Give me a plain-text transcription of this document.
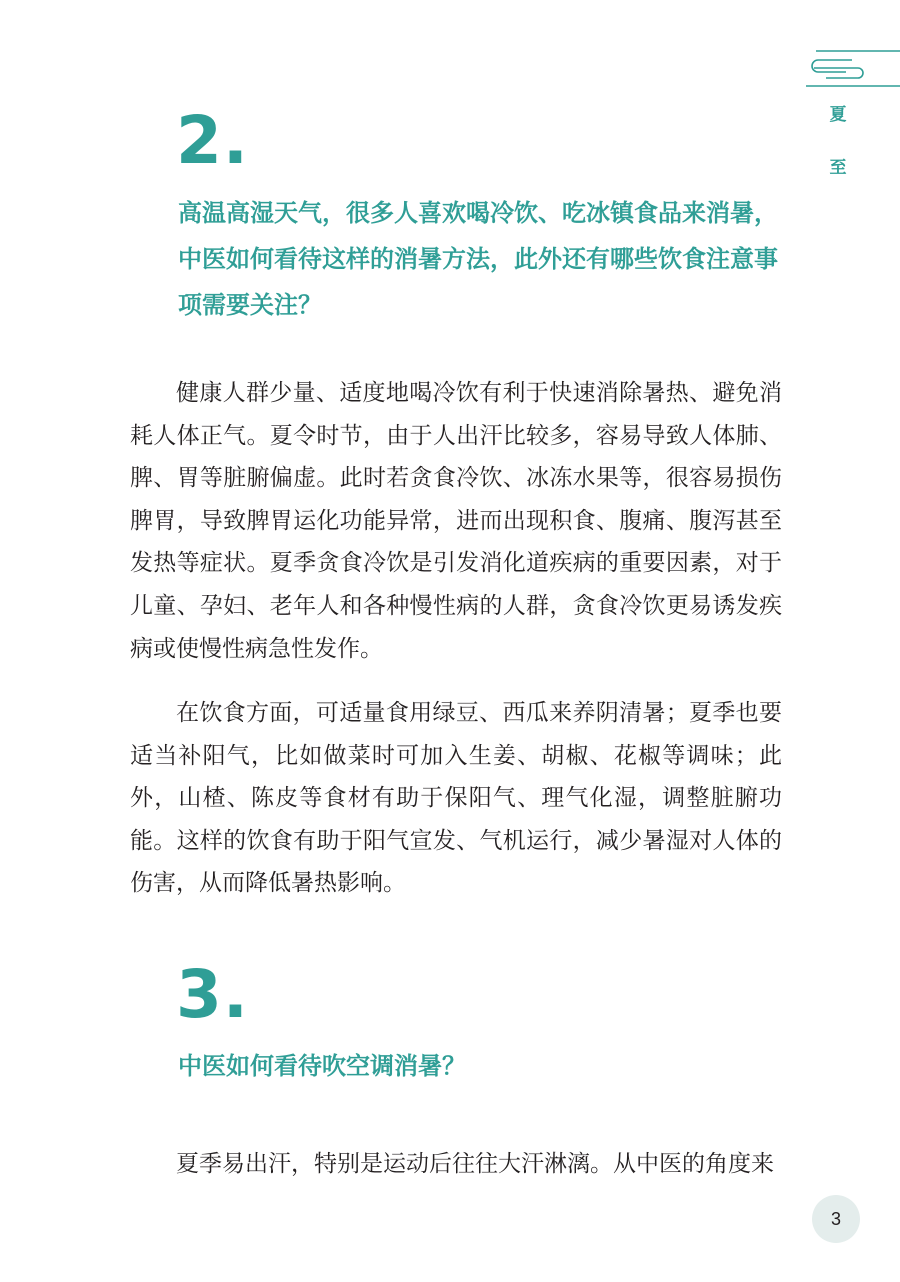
夏
至
2.
高温高湿天气，很多人喜欢喝冷饮、吃冰镇食品来消暑，中医如何看待这样的消暑方法，此外还有哪些饮食注意事项需要关注？

健康人群少量、适度地喝冷饮有利于快速消除暑热、避免消耗人体正气。夏令时节，由于人出汗比较多，容易导致人体肺、脾、胃等脏腑偏虚。此时若贪食冷饮、冰冻水果等，很容易损伤脾胃，导致脾胃运化功能异常，进而出现积食、腹痛、腹泻甚至发热等症状。夏季贪食冷饮是引发消化道疾病的重要因素，对于儿童、孕妇、老年人和各种慢性病的人群，贪食冷饮更易诱发疾病或使慢性病急性发作。

在饮食方面，可适量食用绿豆、西瓜来养阴清暑；夏季也要适当补阳气，比如做菜时可加入生姜、胡椒、花椒等调味；此外，山楂、陈皮等食材有助于保阳气、理气化湿，调整脏腑功能。这样的饮食有助于阳气宣发、气机运行，减少暑湿对人体的伤害，从而降低暑热影响。

3.
中医如何看待吹空调消暑？

夏季易出汗，特别是运动后往往大汗淋漓。从中医的角度来

3
